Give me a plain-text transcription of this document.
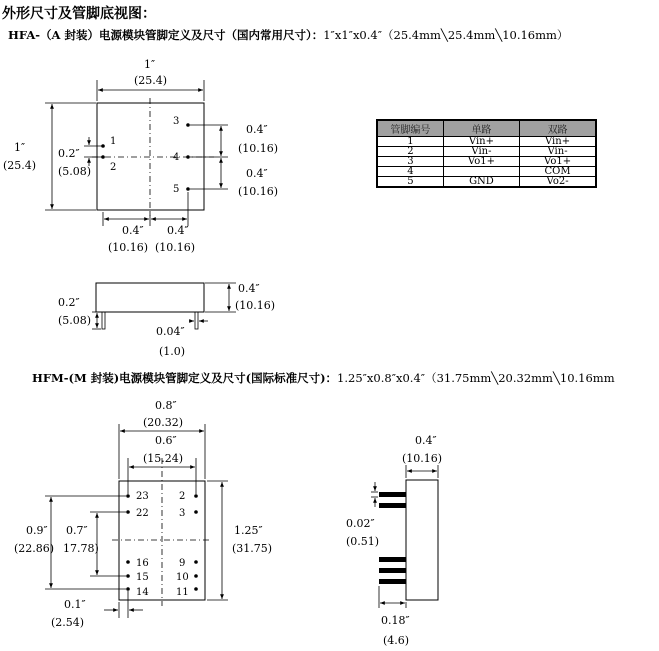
外形尺寸及管脚底视图：
HFA-（A 封装）电源模块管脚定义及尺寸（国内常用尺寸）：1″x1″x0.4″（25.4mm╲25.4mm╲10.16mm）
HFM-(M 封装)电源模块管脚定义及尺寸(国际标准尺寸)：1.25″x0.8″x0.4″（31.75mm╲20.32mm╲10.16mm
1
2
3
4
5
1″
(25.4)
1″
(25.4)
0.2″
(5.08)
0.4″
(10.16)
0.4″
(10.16)
0.4″
(10.16)
0.4″
(10.16)
0.4″
(10.16)
0.2″
(5.08)
0.04″
(1.0)
23
22
16
15
14
2
3
9
10
11
0.8″
(20.32)
0.6″
(15.24)
0.9″
(22.86)
0.7″
17.78)
1.25″
(31.75)
0.1″
(2.54)
0.4″
(10.16)
0.02″
(0.51)
0.18″
(4.6)
管脚编号	单路	双路
1	Vin+	Vin+
2	Vin-	Vin-
3	Vo1+	Vo1+
4		COM
5	GND	Vo2-
